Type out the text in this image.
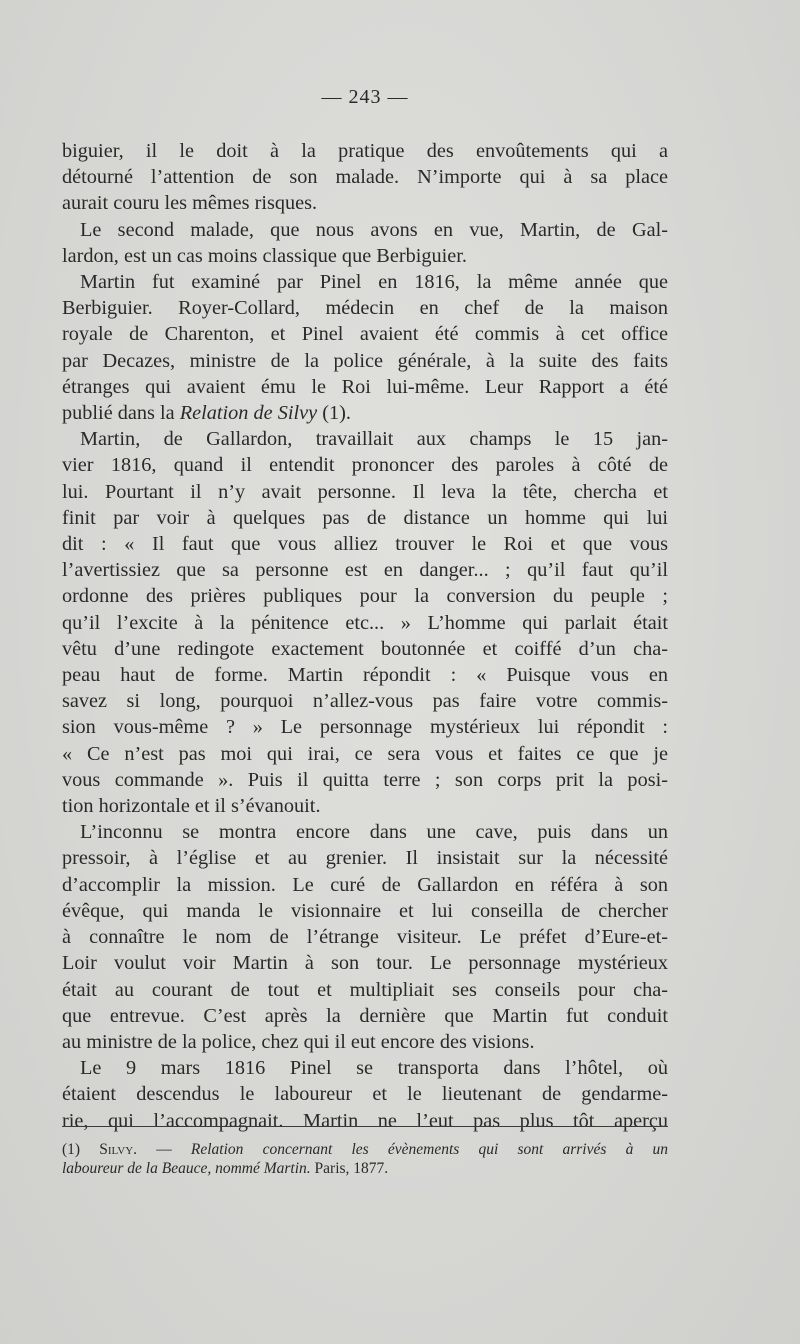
— 243 —

biguier, il le doit à la pratique des envoûtements qui a
détourné l’attention de son malade. N’importe qui à sa place
aurait couru les mêmes risques.

Le second malade, que nous avons en vue, Martin, de Gal-
lardon, est un cas moins classique que Berbiguier.

Martin fut examiné par Pinel en 1816, la même année que
Berbiguier. Royer-Collard, médecin en chef de la maison
royale de Charenton, et Pinel avaient été commis à cet office
par Decazes, ministre de la police générale, à la suite des faits
étranges qui avaient ému le Roi lui-même. Leur Rapport a été
publié dans la Relation de Silvy (1).

Martin, de Gallardon, travaillait aux champs le 15 jan-
vier 1816, quand il entendit prononcer des paroles à côté de
lui. Pourtant il n’y avait personne. Il leva la tête, chercha et
finit par voir à quelques pas de distance un homme qui lui
dit : « Il faut que vous alliez trouver le Roi et que vous
l’avertissiez que sa personne est en danger... ; qu’il faut qu’il
ordonne des prières publiques pour la conversion du peuple ;
qu’il l’excite à la pénitence etc... » L’homme qui parlait était
vêtu d’une redingote exactement boutonnée et coiffé d’un cha-
peau haut de forme. Martin répondit : « Puisque vous en
savez si long, pourquoi n’allez-vous pas faire votre commis-
sion vous-même ? » Le personnage mystérieux lui répondit :
« Ce n’est pas moi qui irai, ce sera vous et faites ce que je
vous commande ». Puis il quitta terre ; son corps prit la posi-
tion horizontale et il s’évanouit.

L’inconnu se montra encore dans une cave, puis dans un
pressoir, à l’église et au grenier. Il insistait sur la nécessité
d’accomplir la mission. Le curé de Gallardon en référa à son
évêque, qui manda le visionnaire et lui conseilla de chercher
à connaître le nom de l’étrange visiteur. Le préfet d’Eure-et-
Loir voulut voir Martin à son tour. Le personnage mystérieux
était au courant de tout et multipliait ses conseils pour cha-
que entrevue. C’est après la dernière que Martin fut conduit
au ministre de la police, chez qui il eut encore des visions.

Le 9 mars 1816 Pinel se transporta dans l’hôtel, où
étaient descendus le laboureur et le lieutenant de gendarme-
rie, qui l’accompagnait. Martin ne l’eut pas plus tôt aperçu

(1) Silvy. — Relation concernant les évènements qui sont arrivés à un
laboureur de la Beauce, nommé Martin. Paris, 1877.
